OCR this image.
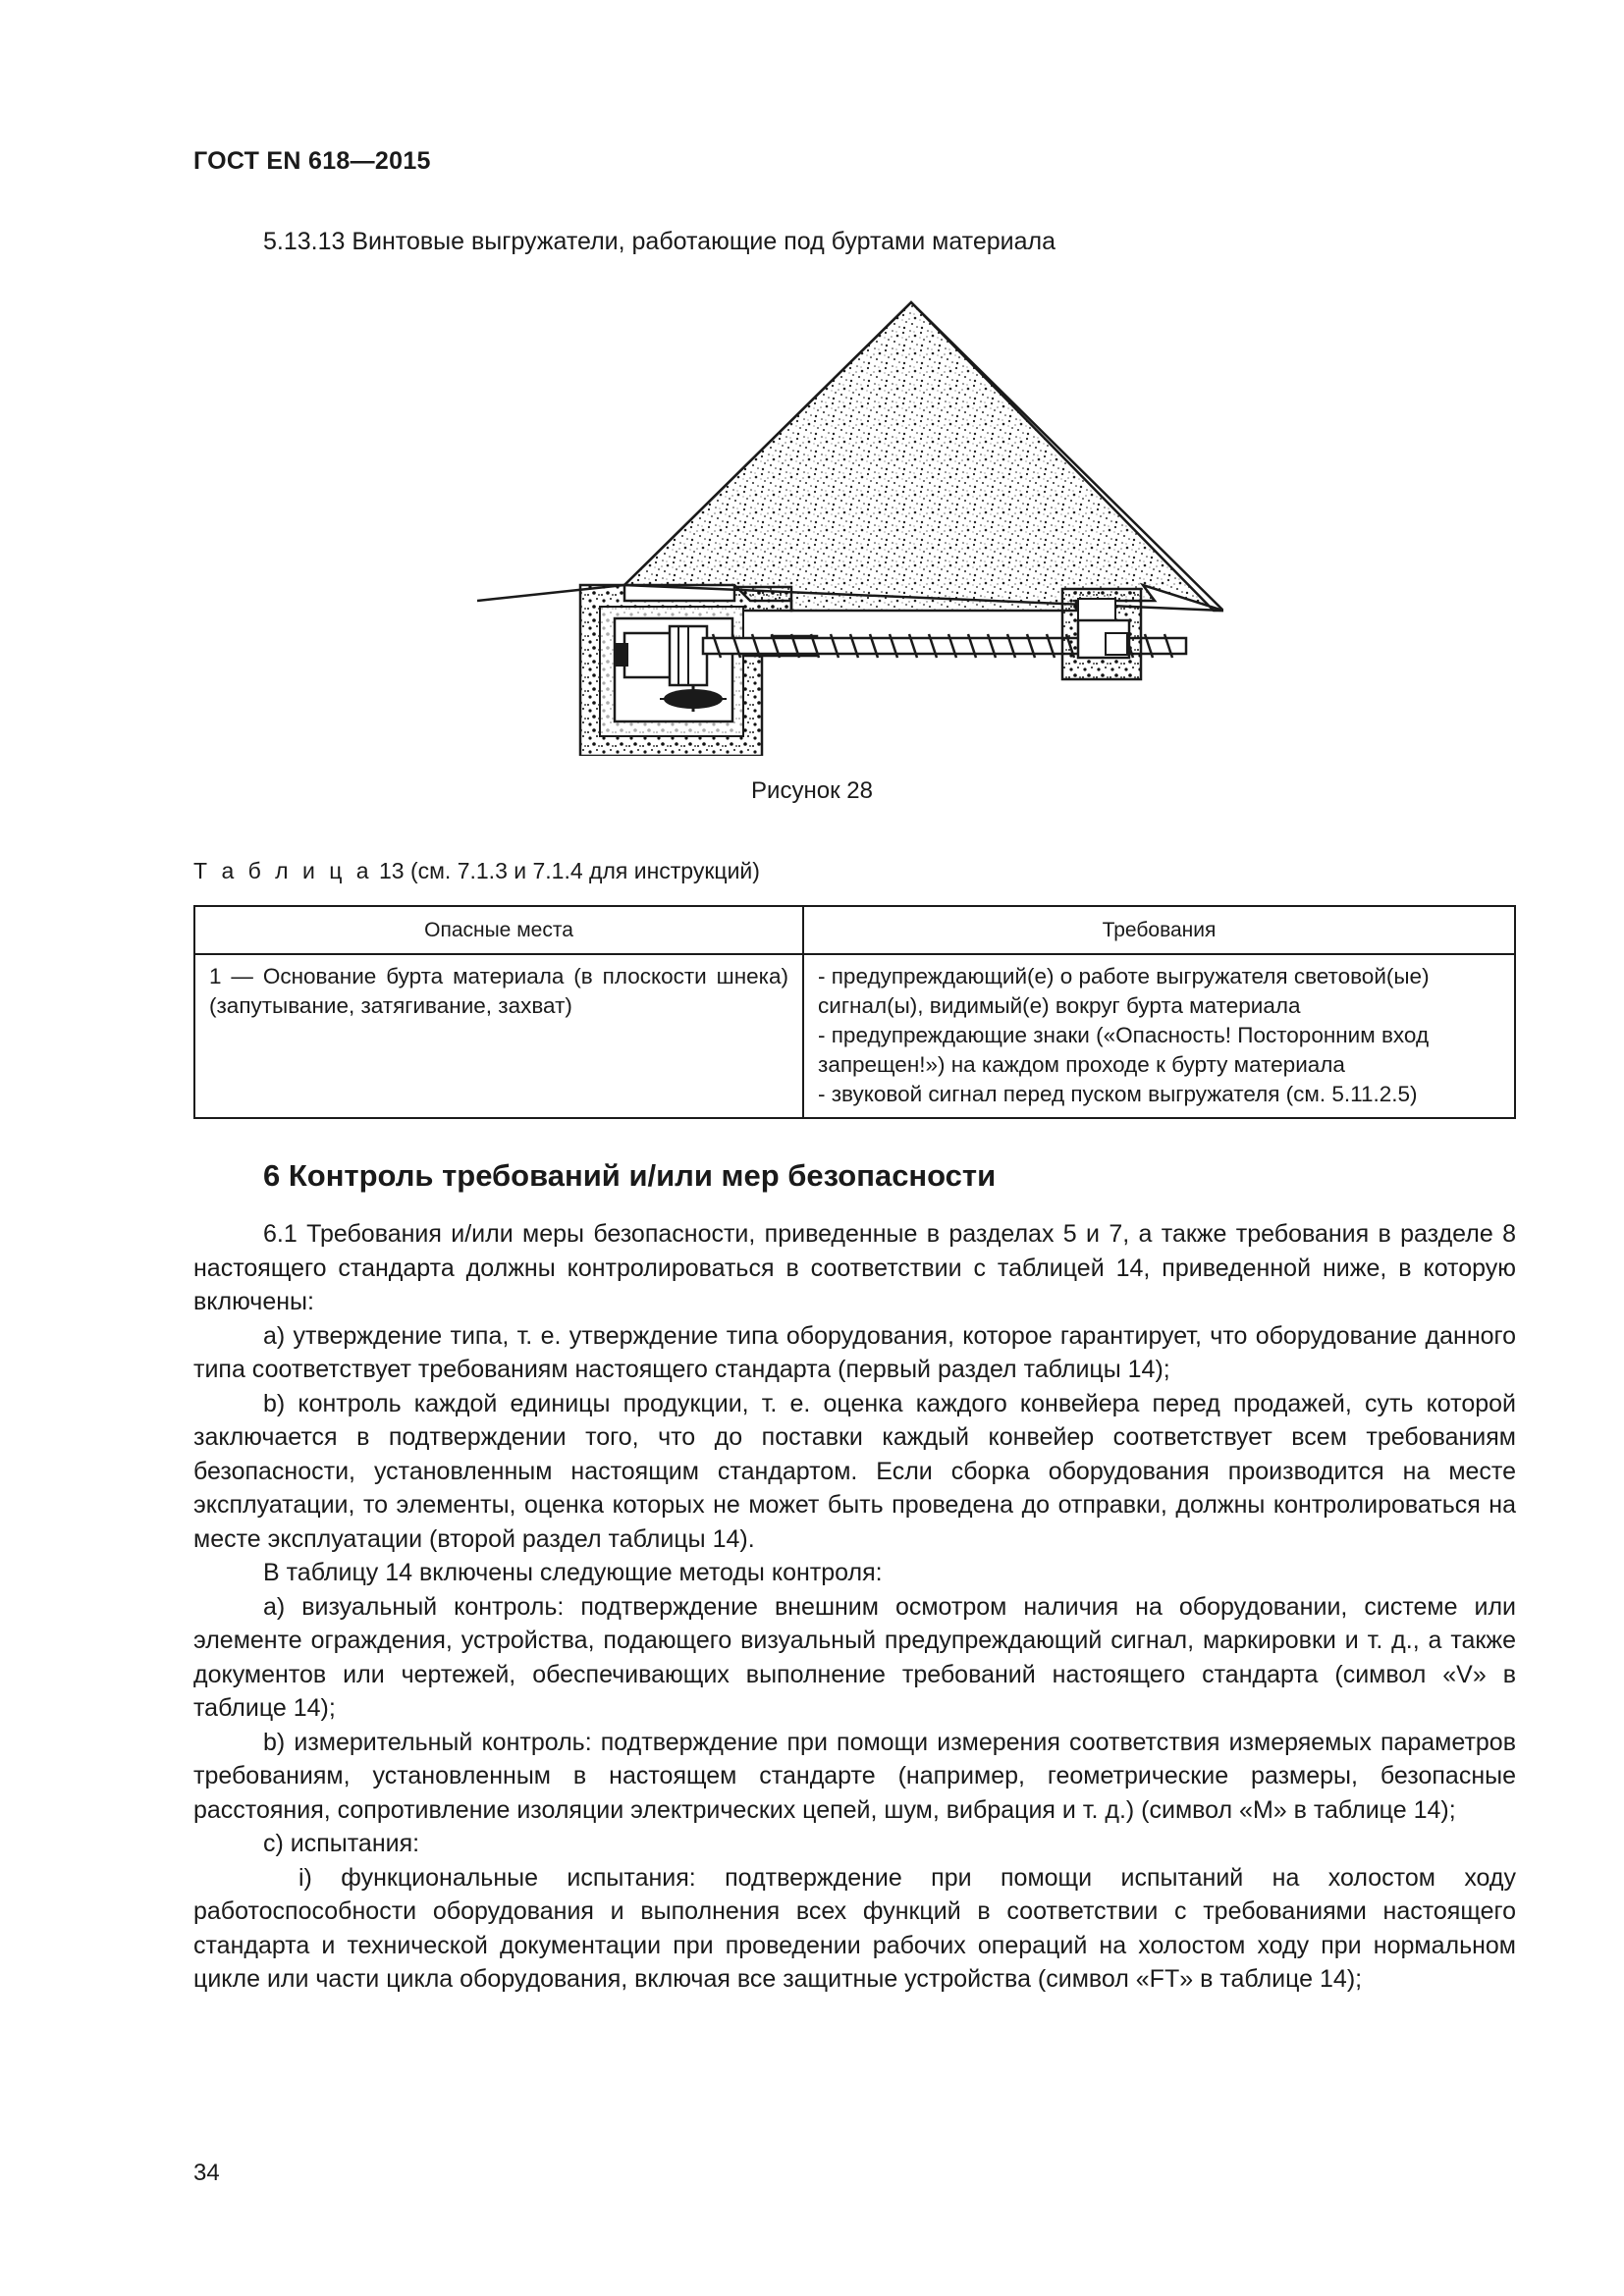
ГОСТ EN 618—2015
5.13.13 Винтовые выгружатели, работающие под буртами материала
Рисунок 28
Т а б л и ц а 13 (см. 7.1.3 и 7.1.4 для инструкций)
Опасные места	Требования
1 — Основание бурта материала (в плоскости шнека) (запутывание, затягивание, захват)	- предупреждающий(е) о работе выгружателя световой(ые) сигнал(ы), видимый(е) вокруг бурта материала
- предупреждающие знаки («Опасность! Посторонним вход запрещен!») на каждом проходе к бурту материала
- звуковой сигнал перед пуском выгружателя (см. 5.11.2.5)
6 Контроль требований и/или мер безопасности

6.1 Требования и/или меры безопасности, приведенные в разделах 5 и 7, а также требования в разделе 8 настоящего стандарта должны контролироваться в соответствии с таблицей 14, приведенной ниже, в которую включены:

a) утверждение типа, т. е. утверждение типа оборудования, которое гарантирует, что оборудование данного типа соответствует требованиям настоящего стандарта (первый раздел таблицы 14);

b) контроль каждой единицы продукции, т. е. оценка каждого конвейера перед продажей, суть которой заключается в подтверждении того, что до поставки каждый конвейер соответствует всем требованиям безопасности, установленным настоящим стандартом. Если сборка оборудования производится на месте эксплуатации, то элементы, оценка которых не может быть проведена до отправки, должны контролироваться на месте эксплуатации (второй раздел таблицы 14).

В таблицу 14 включены следующие методы контроля:

a) визуальный контроль: подтверждение внешним осмотром наличия на оборудовании, системе или элементе ограждения, устройства, подающего визуальный предупреждающий сигнал, маркировки и т. д., а также документов или чертежей, обеспечивающих выполнение требований настоящего стандарта (символ «V» в таблице 14);

b) измерительный контроль: подтверждение при помощи измерения соответствия измеряемых параметров требованиям, установленным в настоящем стандарте (например, геометрические размеры, безопасные расстояния, сопротивление изоляции электрических цепей, шум, вибрация и т. д.) (символ «M» в таблице 14);

c) испытания:

i) функциональные испытания: подтверждение при помощи испытаний на холостом ходу работоспособности оборудования и выполнения всех функций в соответствии с требованиями настоящего стандарта и технической документации при проведении рабочих операций на холостом ходу при нормальном цикле или части цикла оборудования, включая все защитные устройства (символ «FT» в таблице 14);

34
